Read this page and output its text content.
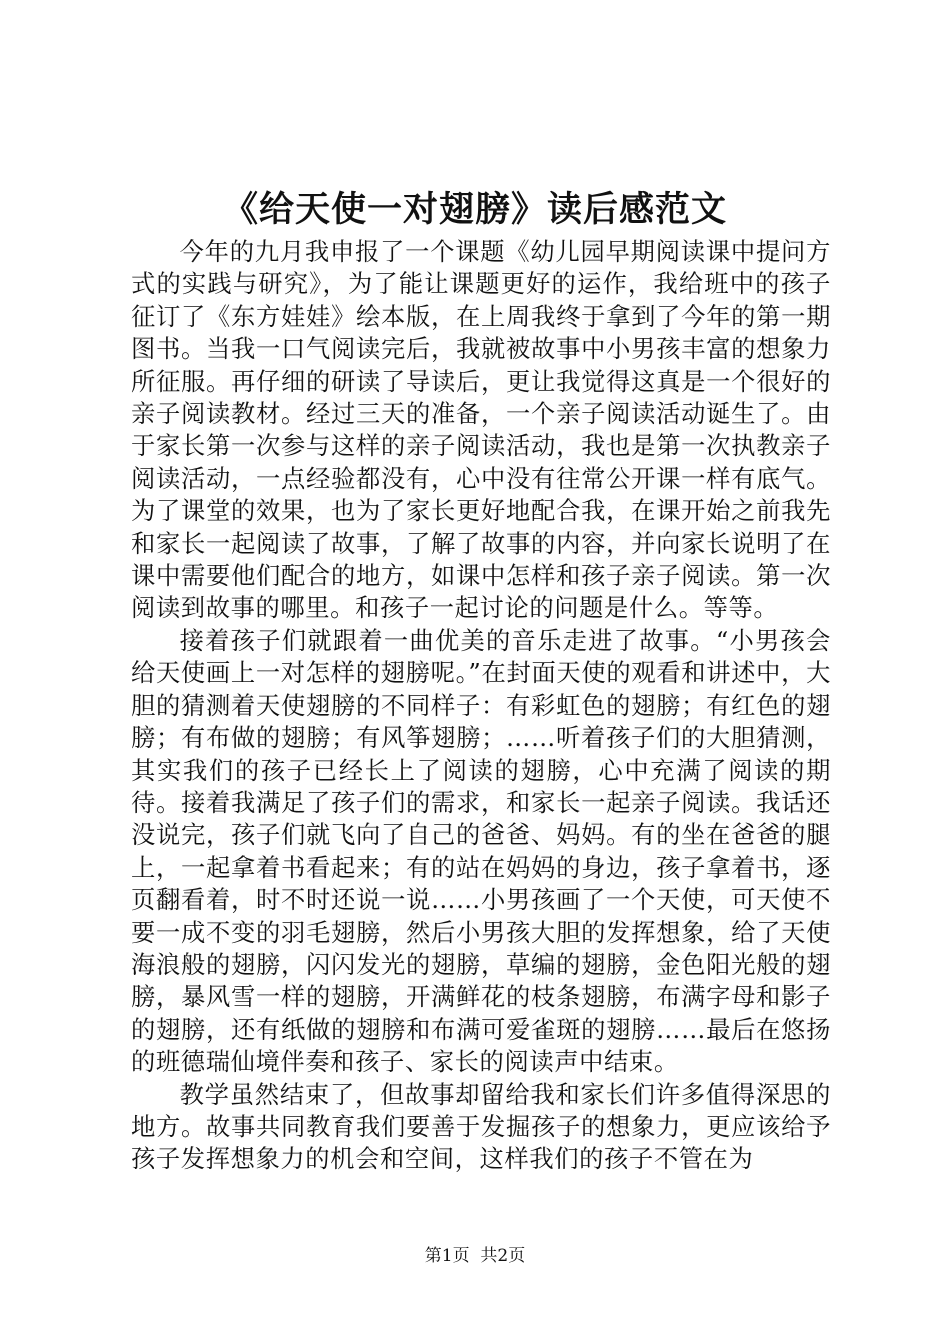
《给天使一对翅膀》读后感范文

今年的九月我申报了一个课题《幼儿园早期阅读课中提问方式的实践与研究》，为了能让课题更好的运作，我给班中的孩子征订了《东方娃娃》绘本版，在上周我终于拿到了今年的第一期图书。当我一口气阅读完后，我就被故事中小男孩丰富的想象力所征服。再仔细的研读了导读后，更让我觉得这真是一个很好的亲子阅读教材。经过三天的准备，一个亲子阅读活动诞生了。由于家长第一次参与这样的亲子阅读活动，我也是第一次执教亲子阅读活动，一点经验都没有，心中没有往常公开课一样有底气。为了课堂的效果，也为了家长更好地配合我，在课开始之前我先和家长一起阅读了故事，了解了故事的内容，并向家长说明了在课中需要他们配合的地方，如课中怎样和孩子亲子阅读。第一次阅读到故事的哪里。和孩子一起讨论的问题是什么。等等。

接着孩子们就跟着一曲优美的音乐走进了故事。“小男孩会给天使画上一对怎样的翅膀呢。”在封面天使的观看和讲述中，大胆的猜测着天使翅膀的不同样子：有彩虹色的翅膀；有红色的翅膀；有布做的翅膀；有风筝翅膀；……听着孩子们的大胆猜测，其实我们的孩子已经长上了阅读的翅膀，心中充满了阅读的期待。接着我满足了孩子们的需求，和家长一起亲子阅读。我话还没说完，孩子们就飞向了自己的爸爸、妈妈。有的坐在爸爸的腿上，一起拿着书看起来；有的站在妈妈的身边，孩子拿着书，逐页翻看着，时不时还说一说……小男孩画了一个天使，可天使不要一成不变的羽毛翅膀，然后小男孩大胆的发挥想象，给了天使海浪般的翅膀，闪闪发光的翅膀，草编的翅膀，金色阳光般的翅膀，暴风雪一样的翅膀，开满鲜花的枝条翅膀，布满字母和影子的翅膀，还有纸做的翅膀和布满可爱雀斑的翅膀……最后在悠扬的班德瑞仙境伴奏和孩子、家长的阅读声中结束。

教学虽然结束了，但故事却留给我和家长们许多值得深思的地方。故事共同教育我们要善于发掘孩子的想象力，更应该给予孩子发挥想象力的机会和空间，这样我们的孩子不管在为

第1页 共2页
